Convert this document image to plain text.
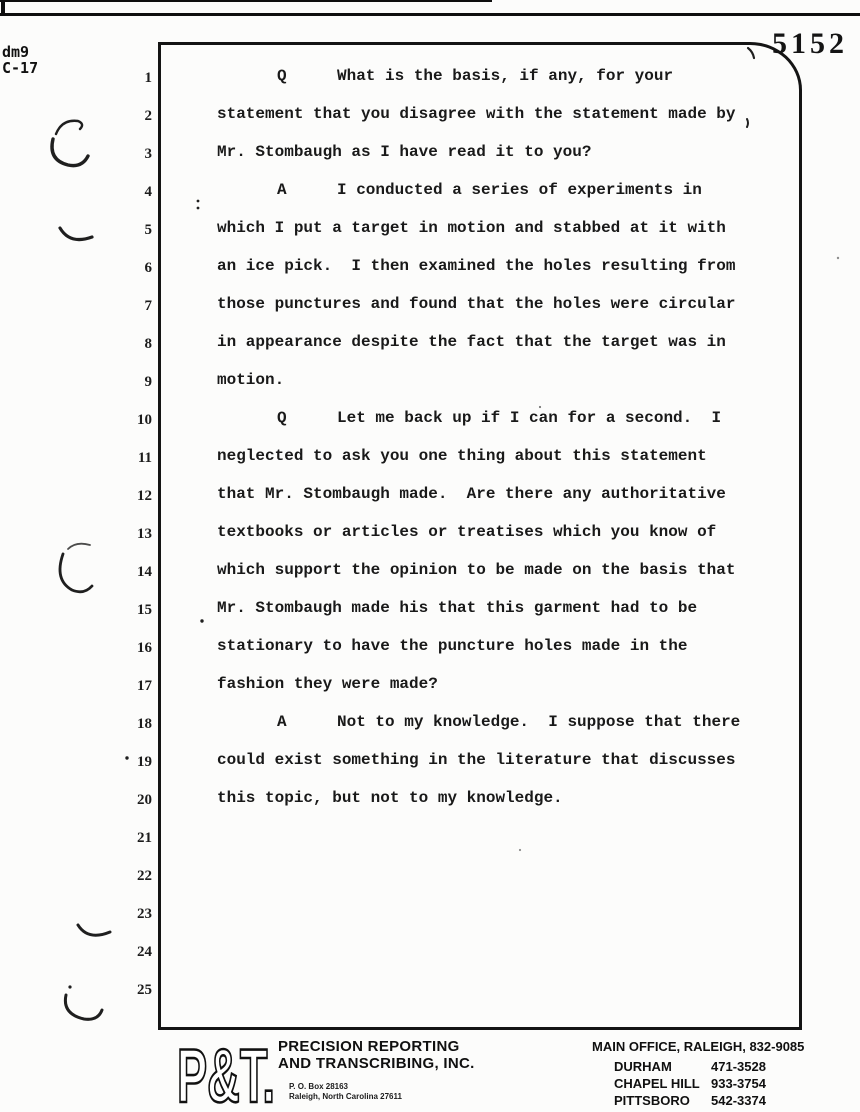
dm9
C-17
5152
1	Q	What is the basis, if any, for your
2	statement that you disagree with the statement made by
3	Mr. Stombaugh as I have read it to you?
4	A	I conducted a series of experiments in
5	which I put a target in motion and stabbed at it with
6	an ice pick.  I then examined the holes resulting from
7	those punctures and found that the holes were circular
8	in appearance despite the fact that the target was in
9	motion.
10	Q	Let me back up if I can for a second.  I
11	neglected to ask you one thing about this statement
12	that Mr. Stombaugh made.  Are there any authoritative
13	textbooks or articles or treatises which you know of
14	which support the opinion to be made on the basis that
15	Mr. Stombaugh made his that this garment had to be
16	stationary to have the puncture holes made in the
17	fashion they were made?
18	A	Not to my knowledge.  I suppose that there
19	could exist something in the literature that discusses
20	this topic, but not to my knowledge.
21
22
23
24
25
P&T. PRECISION REPORTING
AND TRANSCRIBING, INC.
P. O. Box 28163
Raleigh, North Carolina 27611
MAIN OFFICE, RALEIGH, 832-9085
DURHAM	471-3528
CHAPEL HILL 933-3754
PITTSBORO 542-3374
